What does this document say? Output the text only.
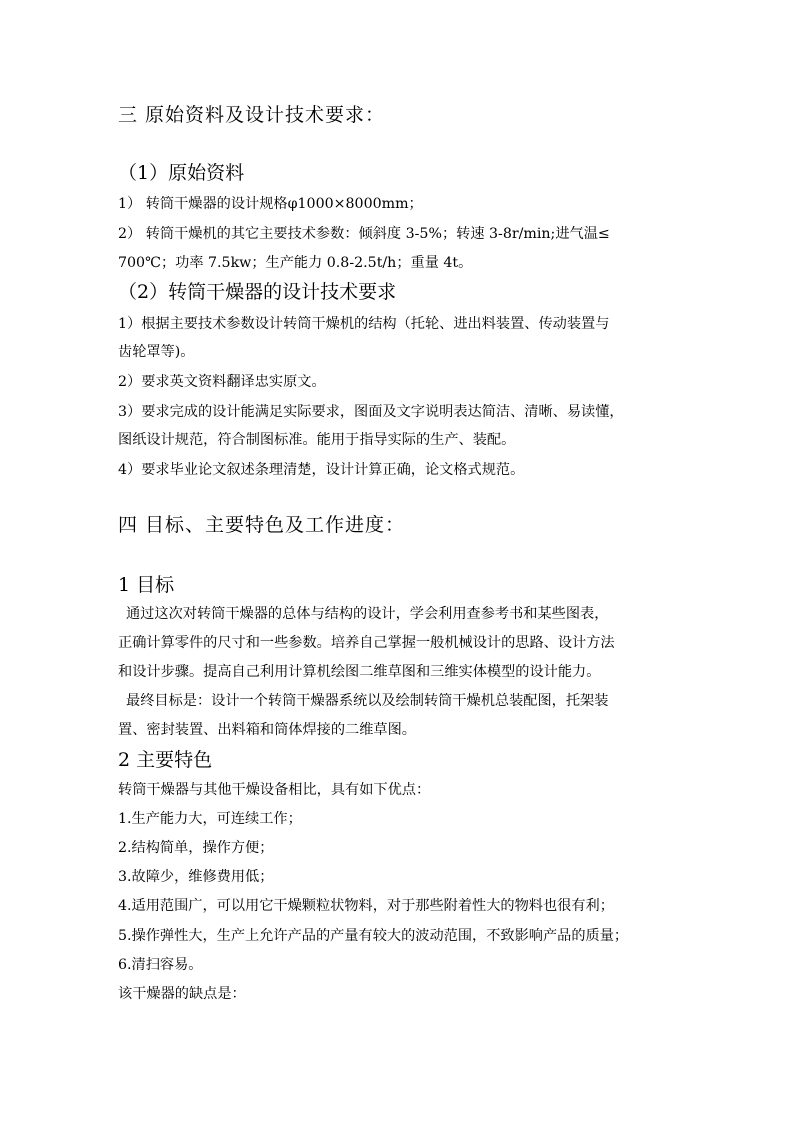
三 原始资料及设计技术要求：
（1）原始资料
1） 转筒干燥器的设计规格φ1000×8000mm；
2） 转筒干燥机的其它主要技术参数：倾斜度 3-5%；转速 3-8r/min;进气温≤
700℃；功率 7.5kw；生产能力 0.8-2.5t/h；重量 4t。
（2）转筒干燥器的设计技术要求
1）根据主要技术参数设计转筒干燥机的结构（托轮、进出料装置、传动装置与
齿轮罩等)。
2）要求英文资料翻译忠实原文。
3）要求完成的设计能满足实际要求，图面及文字说明表达简洁、清晰、易读懂，
图纸设计规范，符合制图标准。能用于指导实际的生产、装配。
4）要求毕业论文叙述条理清楚，设计计算正确，论文格式规范。
四 目标、主要特色及工作进度：
1 目标
通过这次对转筒干燥器的总体与结构的设计，学会利用查参考书和某些图表，
正确计算零件的尺寸和一些参数。培养自己掌握一般机械设计的思路、设计方法
和设计步骤。提高自己利用计算机绘图二维草图和三维实体模型的设计能力。
最终目标是：设计一个转筒干燥器系统以及绘制转筒干燥机总装配图，托架装
置、密封装置、出料箱和筒体焊接的二维草图。
2 主要特色
转筒干燥器与其他干燥设备相比，具有如下优点：
1.生产能力大，可连续工作；
2.结构简单，操作方便；
3.故障少，维修费用低；
4.适用范围广，可以用它干燥颗粒状物料，对于那些附着性大的物料也很有利；
5.操作弹性大，生产上允许产品的产量有较大的波动范围，不致影响产品的质量；
6.清扫容易。
该干燥器的缺点是：
